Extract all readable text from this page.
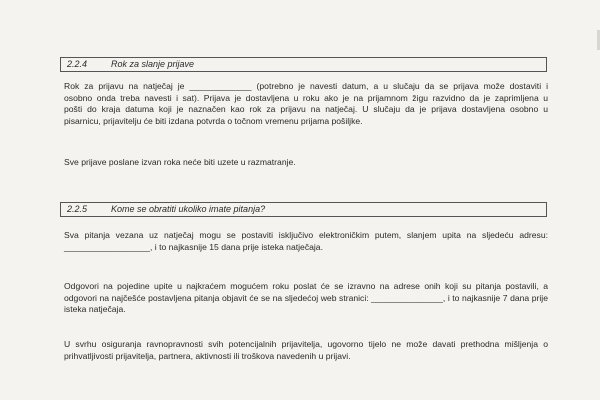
2.2.4	Rok za slanje prijave
Rok za prijavu na natječaj je _____________ (potrebno je navesti datum, a u slučaju da se prijava može dostaviti i
osobno onda treba navesti i sat). Prijava je dostavljena u roku ako je na prijamnom žigu razvidno da je zaprimljena u
pošti do kraja datuma koji je naznačen kao rok za prijavu na natječaj. U slučaju da je prijava dostavljena osobno u
pisarnicu, prijavitelju će biti izdana potvrda o točnom vremenu prijama pošiljke.
Sve prijave poslane izvan roka neće biti uzete u razmatranje.
2.2.5	Kome se obratiti ukoliko imate pitanja?
Sva pitanja vezana uz natječaj mogu se postaviti isključivo elektroničkim putem, slanjem upita na sljedeću adresu:
__________________, i to najkasnije 15 dana prije isteka natječaja.
Odgovori na pojedine upite u najkraćem mogućem roku poslat će se izravno na adrese onih koji su pitanja postavili, a
odgovori na najčešće postavljena pitanja objavit će se na sljedećoj web stranici: _______________, i to najkasnije 7 dana prije
isteka natječaja.
U svrhu osiguranja ravnopravnosti svih potencijalnih prijavitelja, ugovorno tijelo ne može davati prethodna mišljenja o
prihvatljivosti prijavitelja, partnera, aktivnosti ili troškova navedenih u prijavi.
